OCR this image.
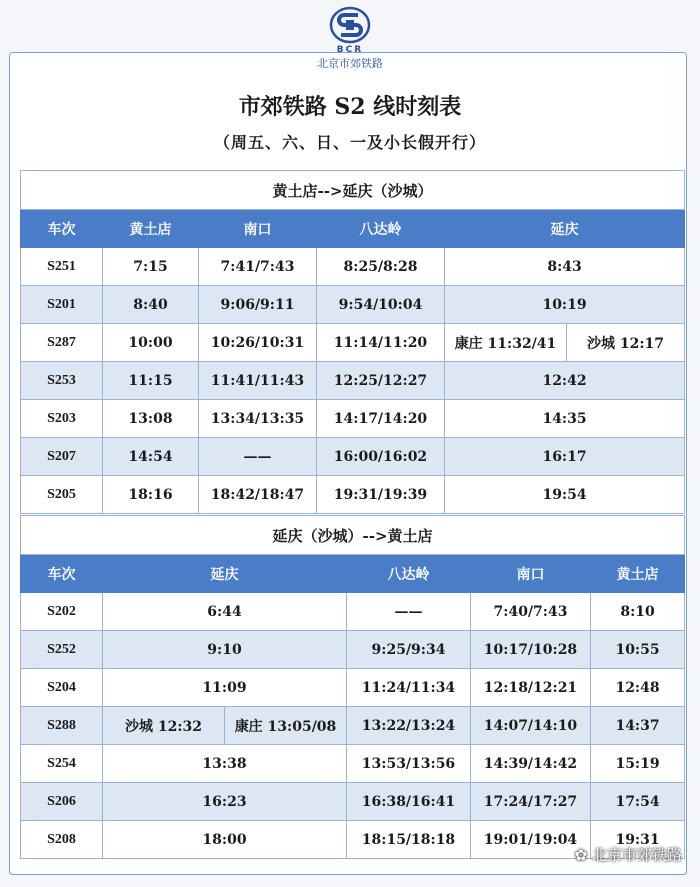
BCR
北京市郊铁路
市郊铁路 S2 线时刻表
（周五、六、日、一及小长假开行）
黄土店-->延庆（沙城）					
车次	黄土店	南口	八达岭	延庆	
S251	7:15	7:41/7:43	8:25/8:28	8:43	
S201	8:40	9:06/9:11	9:54/10:04	10:19	
S287	10:00	10:26/10:31	11:14/11:20	康庄 11:32/41	沙城 12:17
S253	11:15	11:41/11:43	12:25/12:27	12:42	
S203	13:08	13:34/13:35	14:17/14:20	14:35	
S207	14:54	——	16:00/16:02	16:17	
S205	18:16	18:42/18:47	19:31/19:39	19:54	
延庆（沙城）-->黄土店					
车次	延庆		八达岭	南口	黄土店
S202	6:44		——	7:40/7:43	8:10
S252	9:10		9:25/9:34	10:17/10:28	10:55
S204	11:09		11:24/11:34	12:18/12:21	12:48
S288	沙城 12:32	康庄 13:05/08	13:22/13:24	14:07/14:10	14:37
S254	13:38		13:53/13:56	14:39/14:42	15:19
S206	16:23		16:38/16:41	17:24/17:27	17:54
S208	18:00		18:15/18:18	19:01/19:04	19:31
✿ 北京市郊铁路
